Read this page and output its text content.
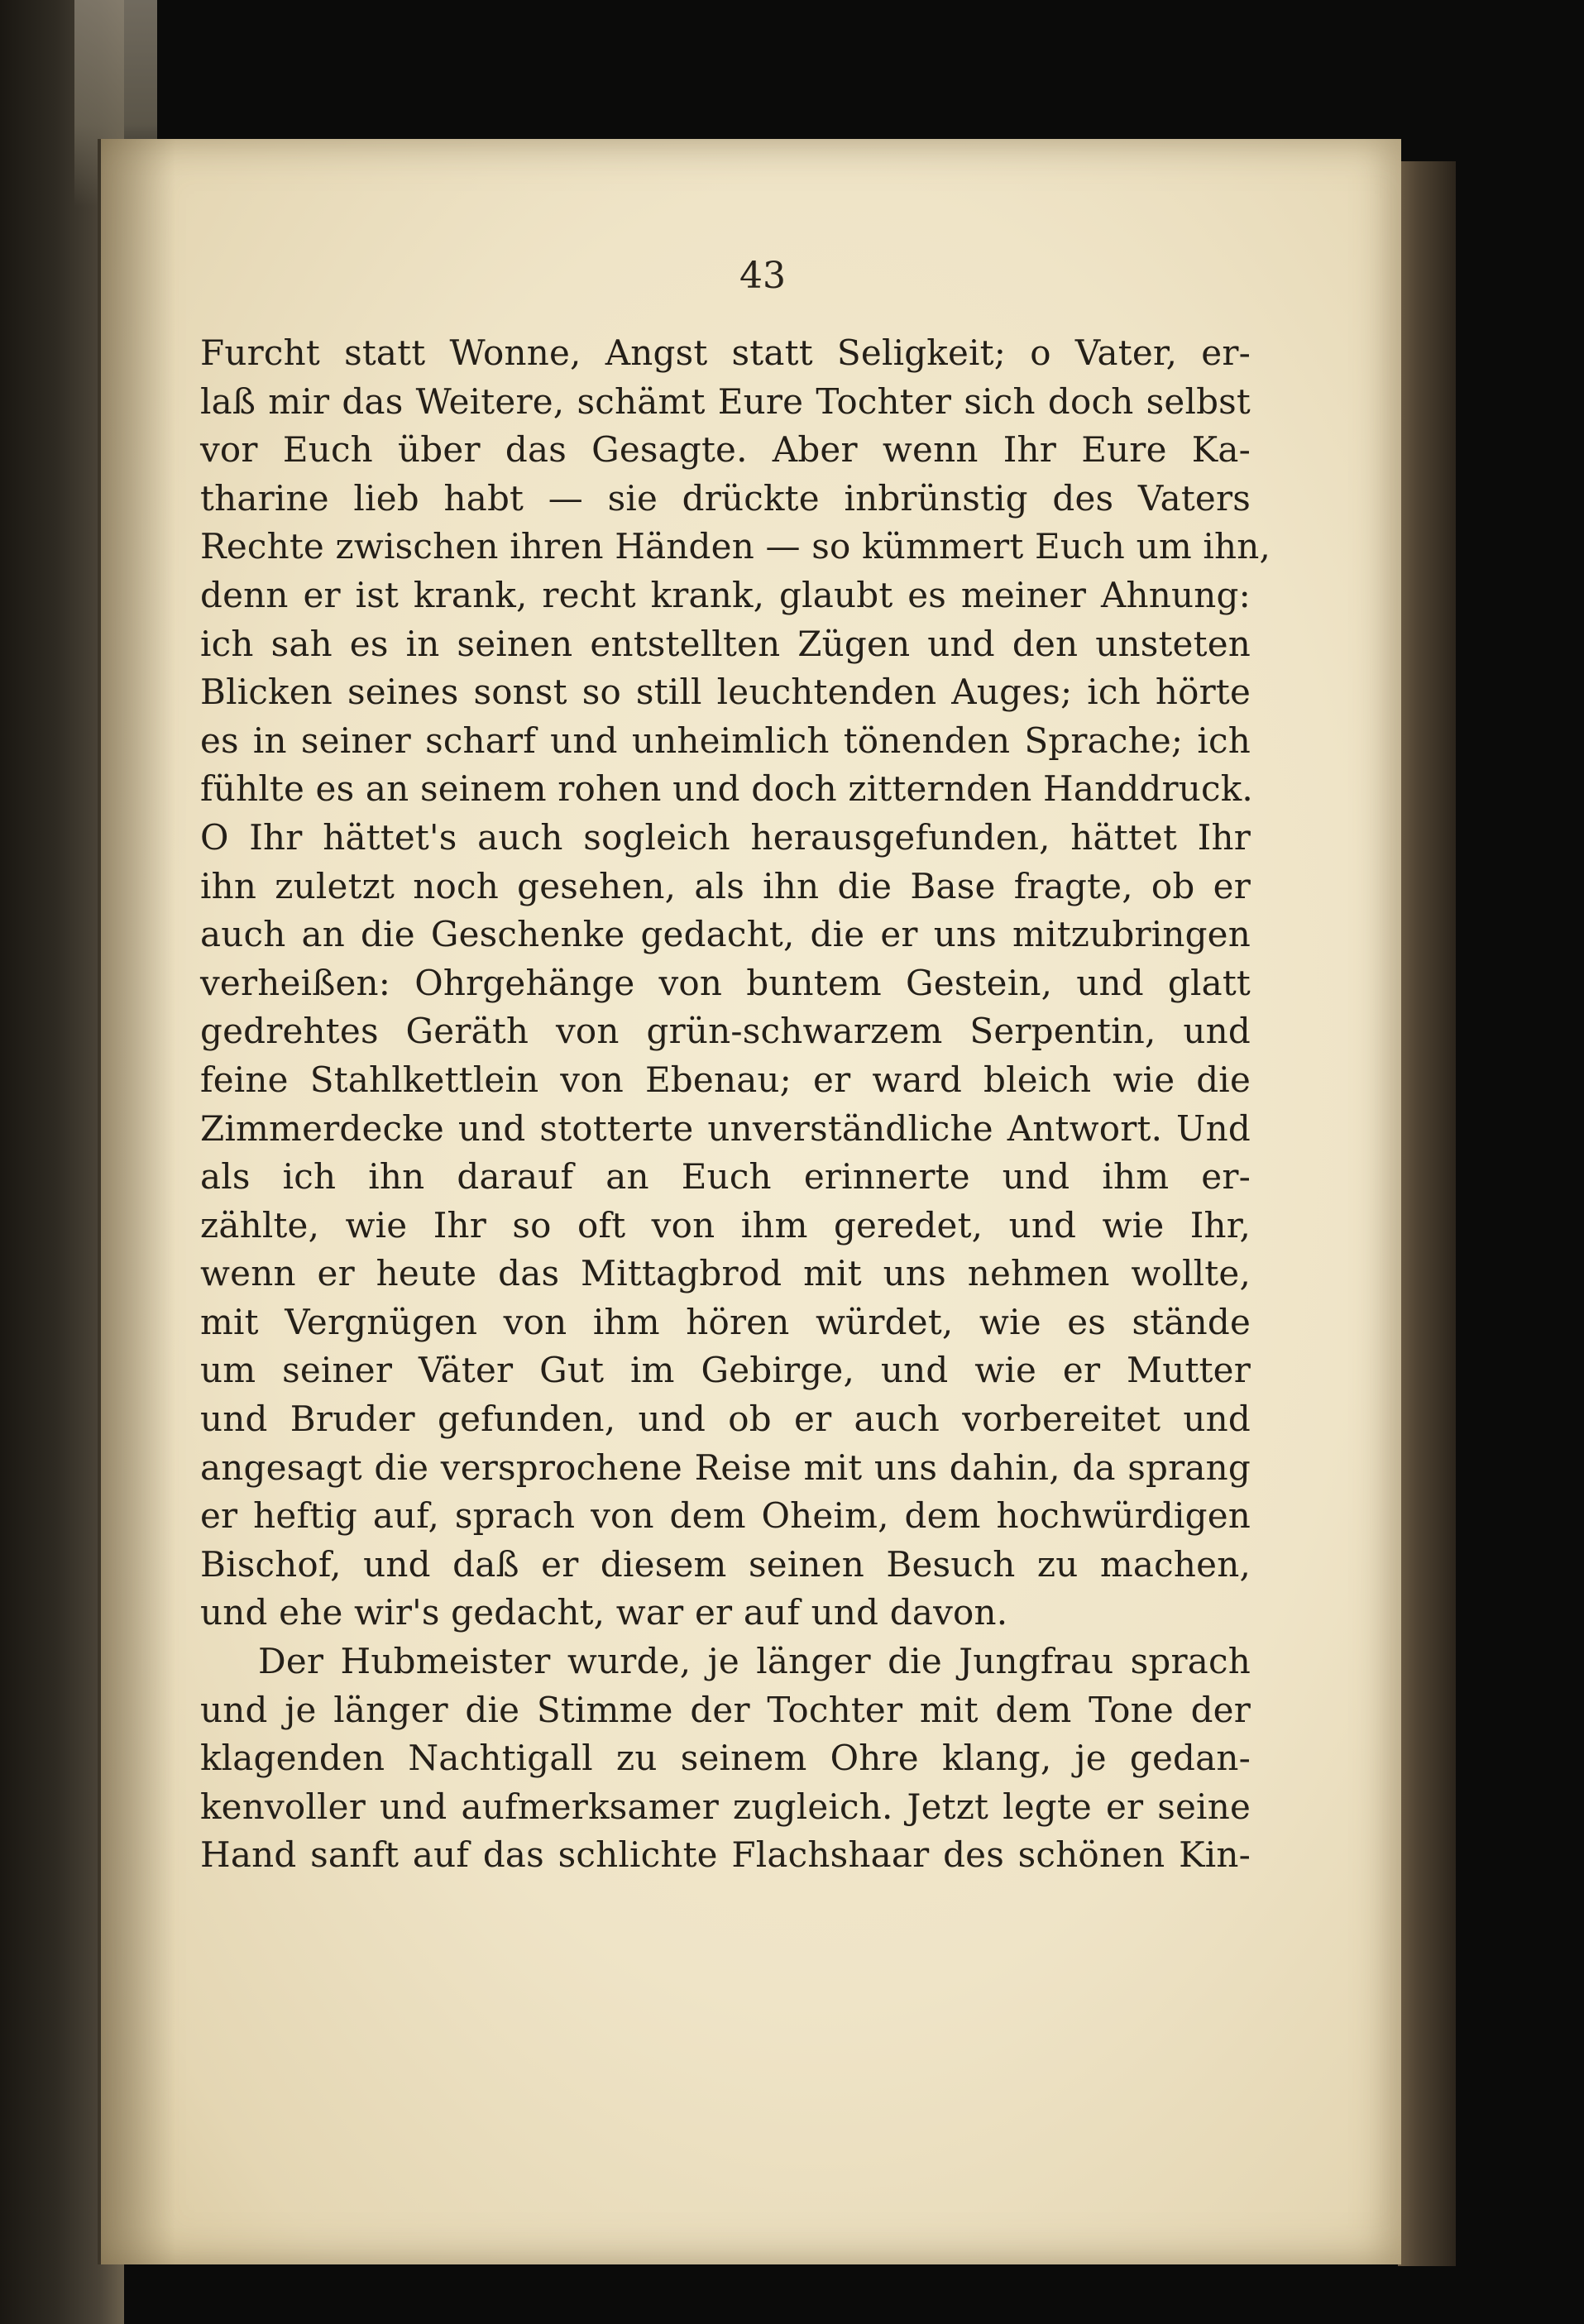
43
Furcht statt Wonne, Angst statt Seligkeit; o Vater, er-
laß mir das Weitere, schämt Eure Tochter sich doch selbst
vor Euch über das Gesagte. Aber wenn Ihr Eure Ka-
tharine lieb habt — sie drückte inbrünstig des Vaters
Rechte zwischen ihren Händen — so kümmert Euch um ihn,
denn er ist krank, recht krank, glaubt es meiner Ahnung:
ich sah es in seinen entstellten Zügen und den unsteten
Blicken seines sonst so still leuchtenden Auges; ich hörte
es in seiner scharf und unheimlich tönenden Sprache; ich
fühlte es an seinem rohen und doch zitternden Handdruck.
O Ihr hättet's auch sogleich herausgefunden, hättet Ihr
ihn zuletzt noch gesehen, als ihn die Base fragte, ob er
auch an die Geschenke gedacht, die er uns mitzubringen
verheißen: Ohrgehänge von buntem Gestein, und glatt
gedrehtes Geräth von grün-schwarzem Serpentin, und
feine Stahlkettlein von Ebenau; er ward bleich wie die
Zimmerdecke und stotterte unverständliche Antwort. Und
als ich ihn darauf an Euch erinnerte und ihm er-
zählte, wie Ihr so oft von ihm geredet, und wie Ihr,
wenn er heute das Mittagbrod mit uns nehmen wollte,
mit Vergnügen von ihm hören würdet, wie es stände
um seiner Väter Gut im Gebirge, und wie er Mutter
und Bruder gefunden, und ob er auch vorbereitet und
angesagt die versprochene Reise mit uns dahin, da sprang
er heftig auf, sprach von dem Oheim, dem hochwürdigen
Bischof, und daß er diesem seinen Besuch zu machen,
und ehe wir's gedacht, war er auf und davon.
Der Hubmeister wurde, je länger die Jungfrau sprach
und je länger die Stimme der Tochter mit dem Tone der
klagenden Nachtigall zu seinem Ohre klang, je gedan-
kenvoller und aufmerksamer zugleich. Jetzt legte er seine
Hand sanft auf das schlichte Flachshaar des schönen Kin-
